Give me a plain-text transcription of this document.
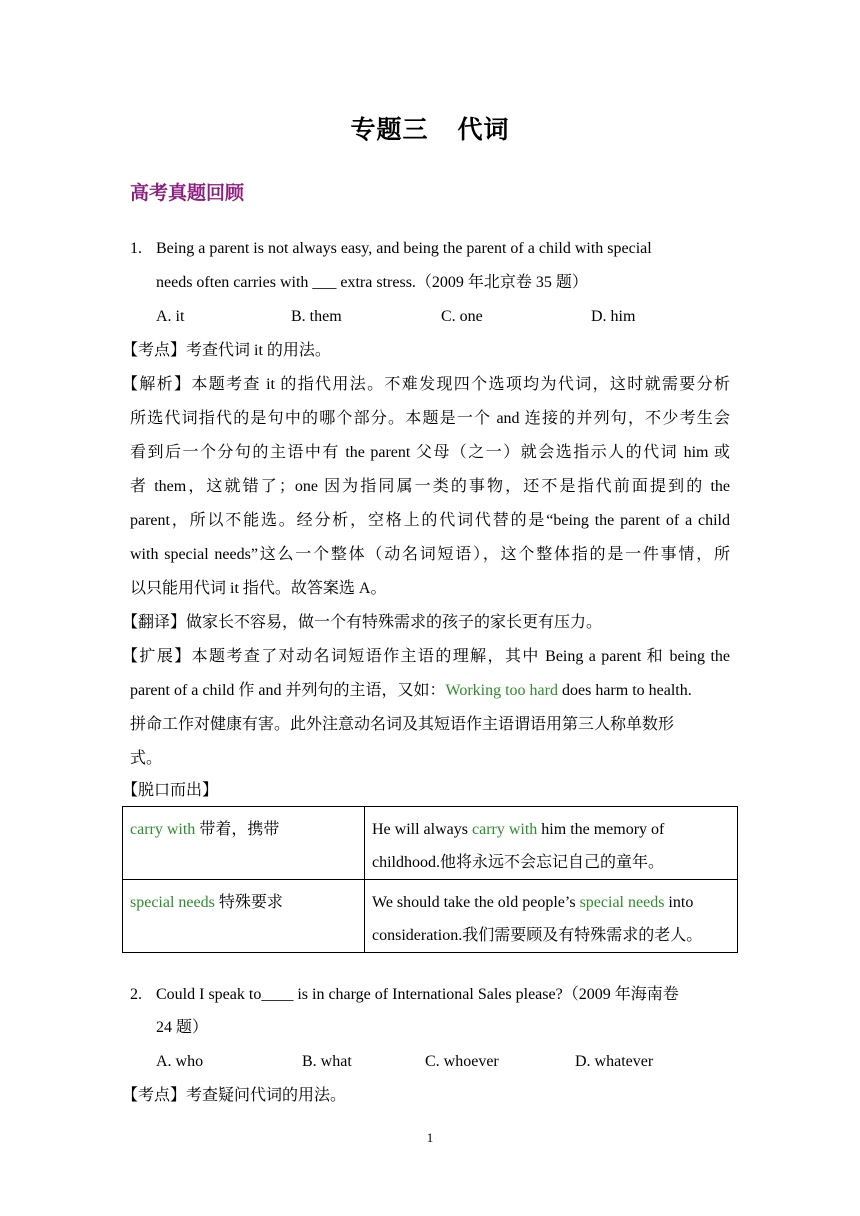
专题三   代词
高考真题回顾
1. Being a parent is not always easy, and being the parent of a child with special
needs often carries with ___ extra stress.（2009 年北京卷 35 题）
A. it	B. them	C. one	D. him
【考点】考查代词 it 的用法。
【解析】本题考查 it 的指代用法。不难发现四个选项均为代词，这时就需要分析
所选代词指代的是句中的哪个部分。本题是一个 and 连接的并列句，不少考生会
看到后一个分句的主语中有 the parent 父母（之一）就会选指示人的代词 him 或
者 them，这就错了；one 因为指同属一类的事物，还不是指代前面提到的 the
parent，所以不能选。经分析，空格上的代词代替的是“being the parent of a child
with special needs”这么一个整体（动名词短语），这个整体指的是一件事情，所
以只能用代词 it 指代。故答案选 A。
【翻译】做家长不容易，做一个有特殊需求的孩子的家长更有压力。
【扩展】本题考查了对动名词短语作主语的理解，其中 Being a parent 和 being the
parent of a child 作 and 并列句的主语，又如：Working too hard does harm to health.
拼命工作对健康有害。此外注意动名词及其短语作主语谓语用第三人称单数形
式。
【脱口而出】
carry with 带着，携带	He will always carry with him the memory of
childhood.他将永远不会忘记自己的童年。
special needs 特殊要求	We should take the old people’s special needs into
consideration.我们需要顾及有特殊需求的老人。
2. Could I speak to____ is in charge of International Sales please?（2009 年海南卷
24 题）
A. who	B. what	C. whoever	D. whatever
【考点】考查疑问代词的用法。
1
